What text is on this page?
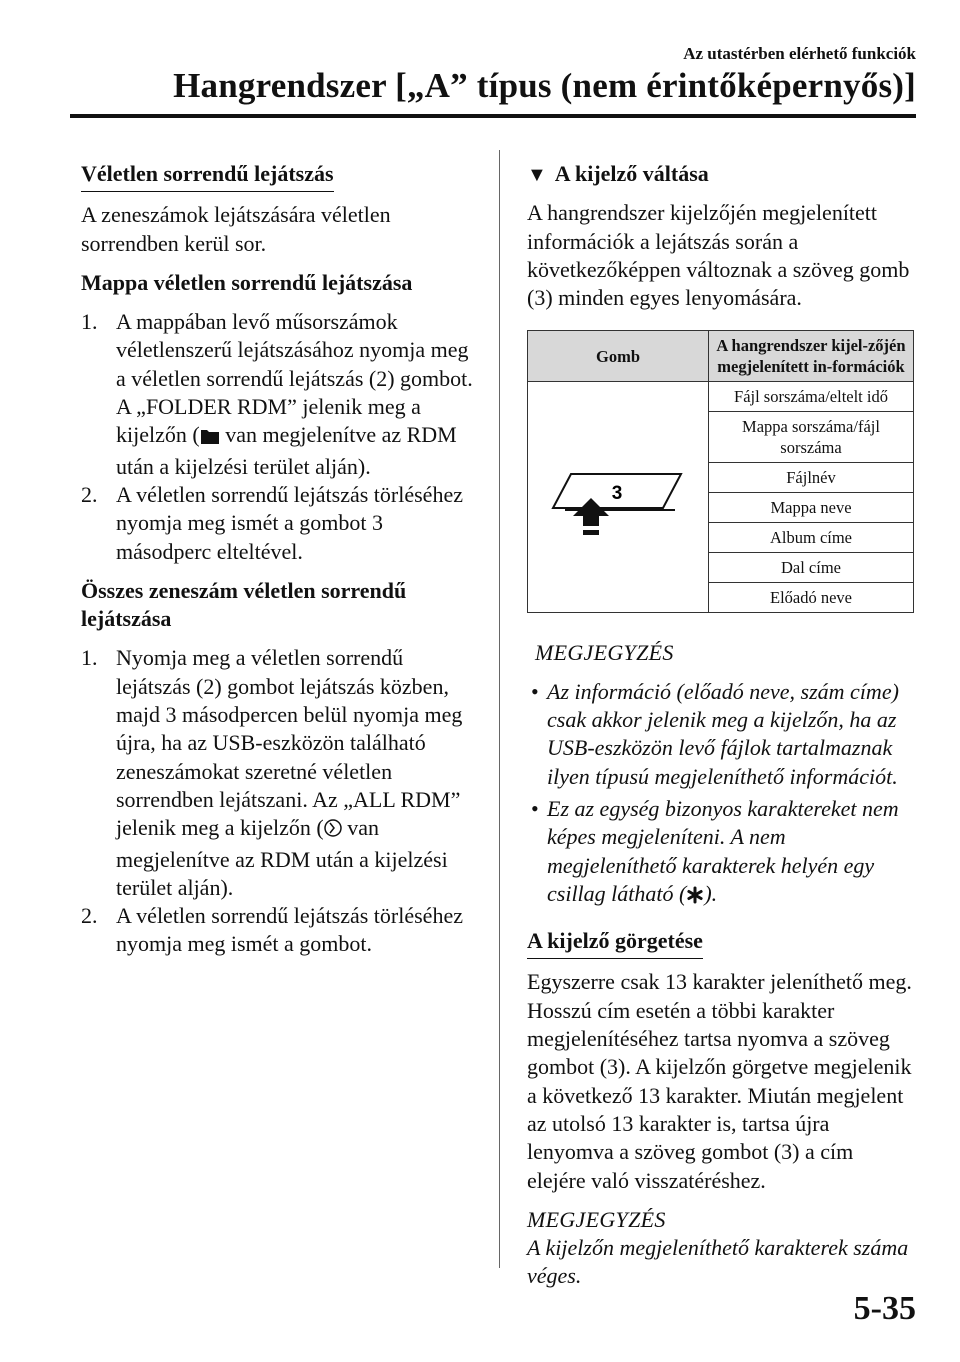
Az utastérben elérhető funkciók
Hangrendszer [„A” típus (nem érintőképernyős)]
Véletlen sorrendű lejátszás

A zeneszámok lejátszására véletlen sorrendben kerül sor.

Mappa véletlen sorrendű lejátszása

1. A mappában levő műsorszámok véletlenszerű lejátszásához nyomja meg a véletlen sorrendű lejátszás (2) gombot. A „FOLDER RDM” jelenik meg a kijelzőn ( van megjelenítve az RDM után a kijelzési terület alján).
2. A véletlen sorrendű lejátszás törléséhez nyomja meg ismét a gombot 3 másodperc elteltével.

Összes zeneszám véletlen sorrendű lejátszása

1. Nyomja meg a véletlen sorrendű lejátszás (2) gombot lejátszás közben, majd 3 másodpercen belül nyomja meg újra, ha az USB-eszközön található zeneszámokat szeretné véletlen sorrendben lejátszani. Az „ALL RDM” jelenik meg a kijelzőn ( van megjelenítve az RDM után a kijelzési terület alján).
2. A véletlen sorrendű lejátszás törléséhez nyomja meg ismét a gombot.
▼ A kijelző váltása

A hangrendszer kijelzőjén megjelenített információk a lejátszás során a következőképpen változnak a szöveg gomb (3) minden egyes lenyomására.

Gomb	A hangrendszer kijel-zőjén megjelenített in-formációk

3	Fájl sorszáma/eltelt idő
	Mappa sorszáma/fájl sorszáma
	Fájlnév
	Mappa neve
	Album címe
	Dal címe
	Előadó neve
MEGJEGYZÉS
• Az információ (előadó neve, szám címe) csak akkor jelenik meg a kijelzőn, ha az USB-eszközön levő fájlok tartalmaznak ilyen típusú megjeleníthető információt.
• Ez az egység bizonyos karaktereket nem képes megjeleníteni. A nem megjeleníthető karakterek helyén egy csillag látható ( ).
A kijelző görgetése

Egyszerre csak 13 karakter jeleníthető meg. Hosszú cím esetén a többi karakter megjelenítéséhez tartsa nyomva a szöveg gombot (3). A kijelzőn görgetve megjelenik a következő 13 karakter. Miután megjelent az utolsó 13 karakter is, tartsa újra lenyomva a szöveg gombot (3) a cím elejére való visszatéréshez.

MEGJEGYZÉS
A kijelzőn megjeleníthető karakterek száma véges.
5-35
